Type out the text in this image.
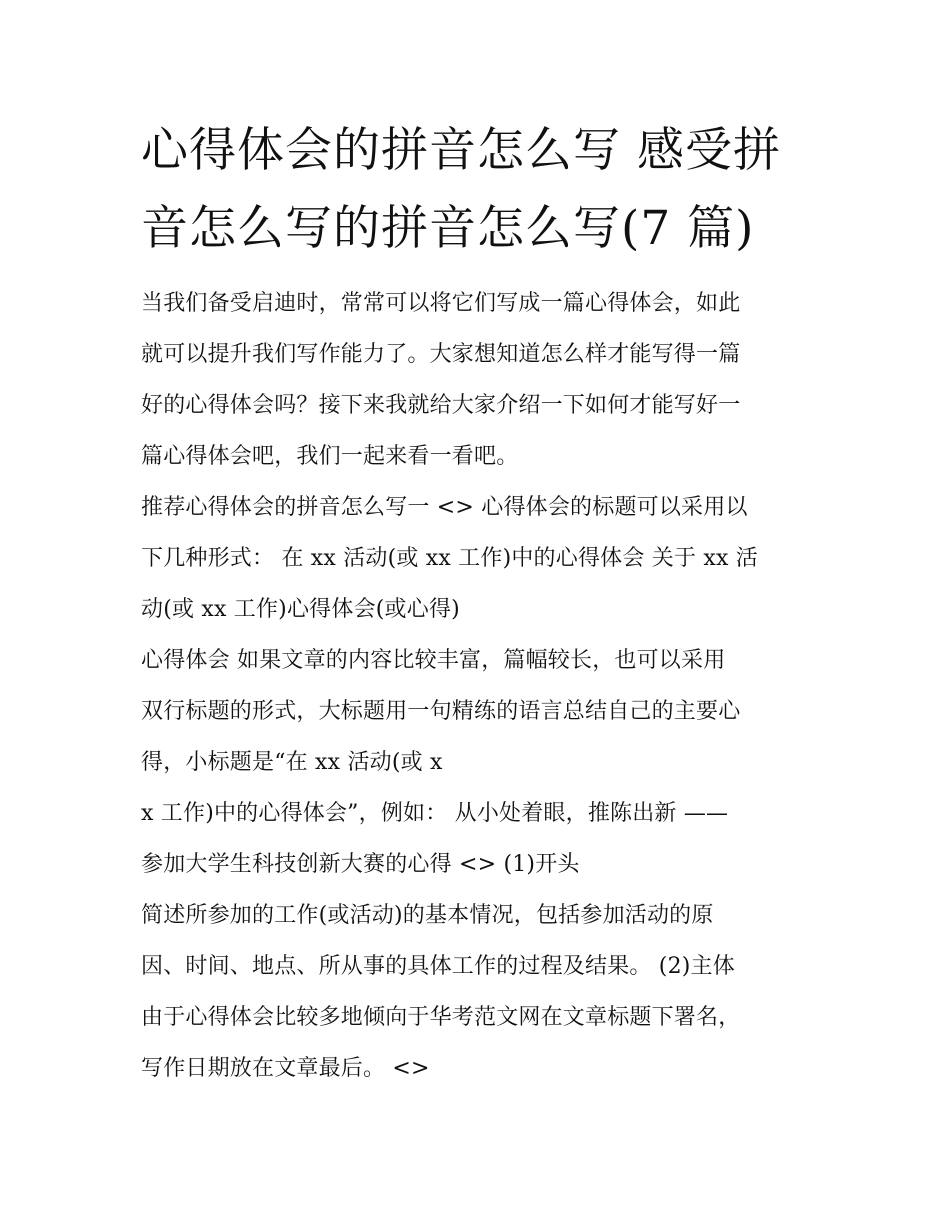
心得体会的拼音怎么写 感受拼
音怎么写的拼音怎么写(7 篇)

当我们备受启迪时，常常可以将它们写成一篇心得体会，如此
就可以提升我们写作能力了。大家想知道怎么样才能写得一篇
好的心得体会吗？接下来我就给大家介绍一下如何才能写好一
篇心得体会吧，我们一起来看一看吧。

推荐心得体会的拼音怎么写一 <> 心得体会的标题可以采用以
下几种形式： 在 xx 活动(或 xx 工作)中的心得体会 关于 xx 活
动(或 xx 工作)心得体会(或心得)

心得体会 如果文章的内容比较丰富，篇幅较长，也可以采用
双行标题的形式，大标题用一句精练的语言总结自己的主要心
得，小标题是“在 xx 活动(或 x

x 工作)中的心得体会”，例如： 从小处着眼，推陈出新 ——
参加大学生科技创新大赛的心得 <> (1)开头

简述所参加的工作(或活动)的基本情况，包括参加活动的原
因、时间、地点、所从事的具体工作的过程及结果。 (2)主体
由于心得体会比较多地倾向于华考范文网在文章标题下署名，
写作日期放在文章最后。 <>
